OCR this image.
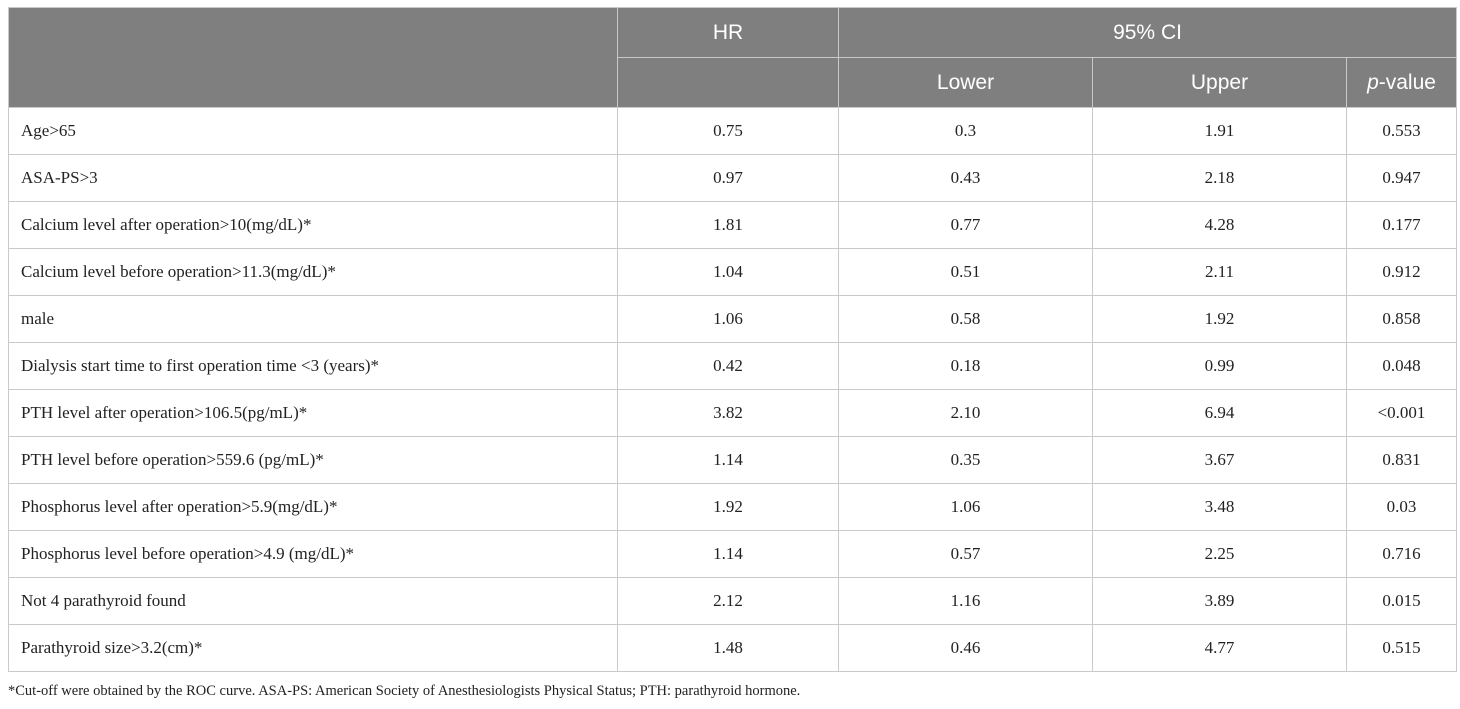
	HR	95% CI		
		Lower	Upper	p-value
Age>65	0.75	0.3	1.91	0.553
ASA-PS>3	0.97	0.43	2.18	0.947
Calcium level after operation>10(mg/dL)*	1.81	0.77	4.28	0.177
Calcium level before operation>11.3(mg/dL)*	1.04	0.51	2.11	0.912
male	1.06	0.58	1.92	0.858
Dialysis start time to first operation time <3 (years)*	0.42	0.18	0.99	0.048
PTH level after operation>106.5(pg/mL)*	3.82	2.10	6.94	<0.001
PTH level before operation>559.6 (pg/mL)*	1.14	0.35	3.67	0.831
Phosphorus level after operation>5.9(mg/dL)*	1.92	1.06	3.48	0.03
Phosphorus level before operation>4.9 (mg/dL)*	1.14	0.57	2.25	0.716
Not 4 parathyroid found	2.12	1.16	3.89	0.015
Parathyroid size>3.2(cm)*	1.48	0.46	4.77	0.515
*Cut-off were obtained by the ROC curve. ASA-PS: American Society of Anesthesiologists Physical Status; PTH: parathyroid hormone.
